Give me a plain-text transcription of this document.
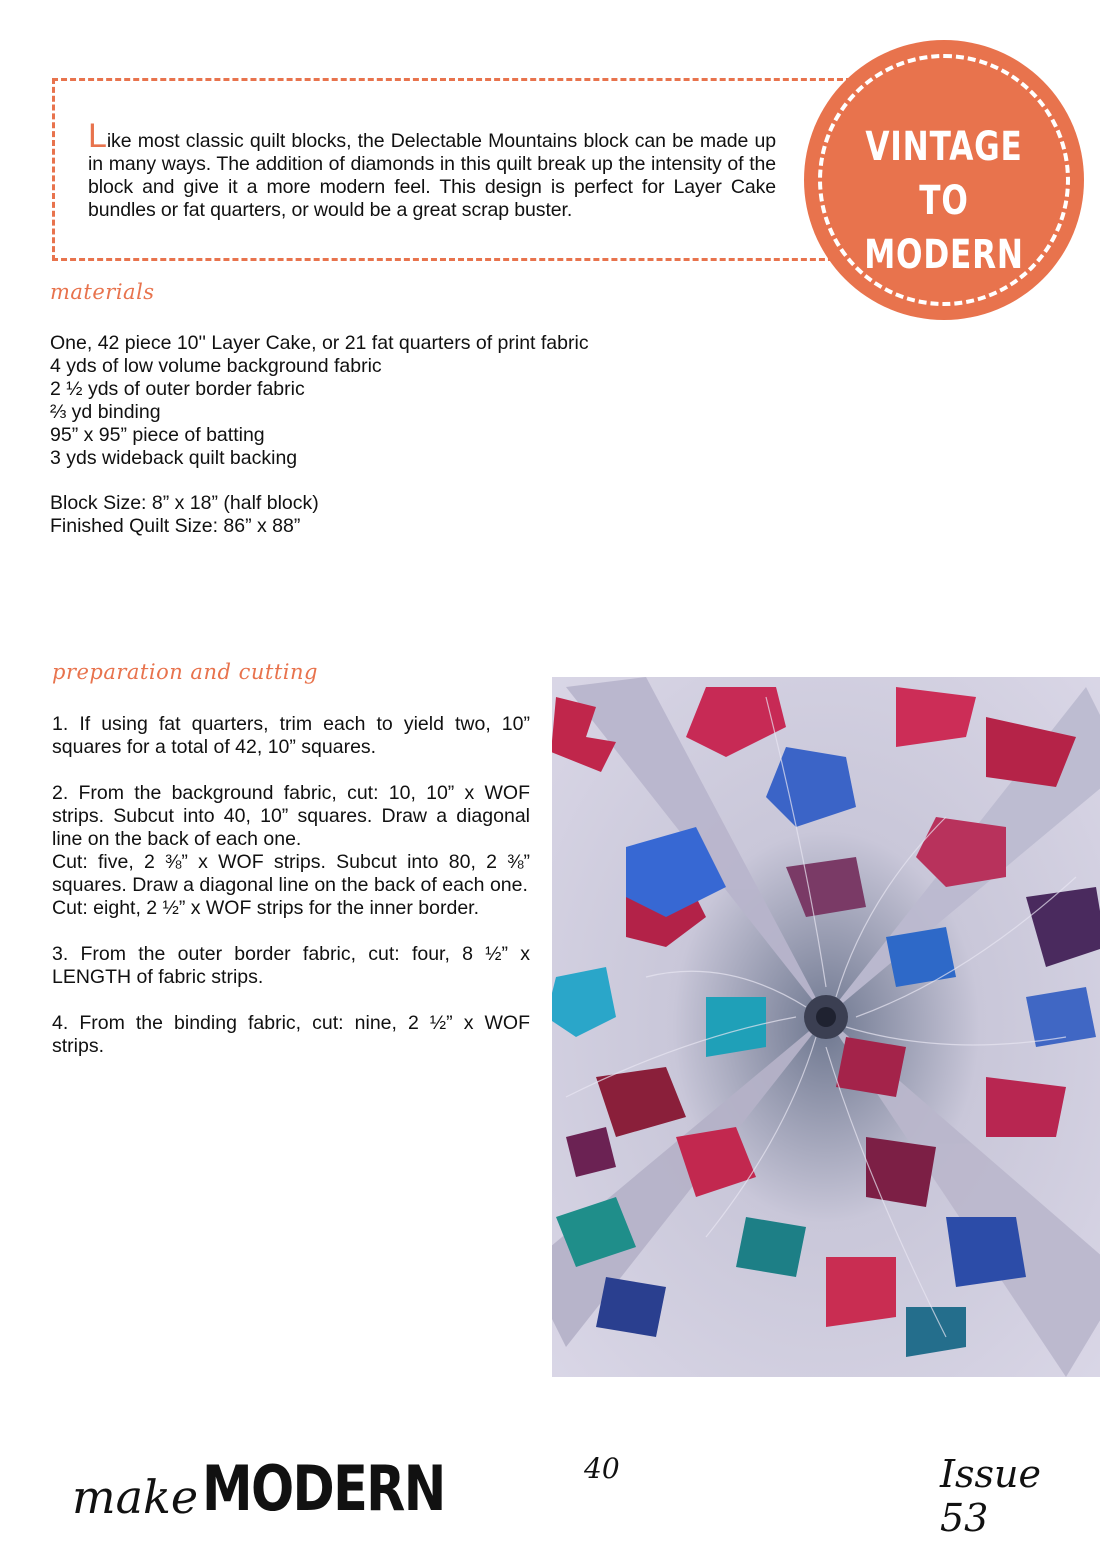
Like most classic quilt blocks, the Delectable Mountains block can be made up in many ways. The addition of diamonds in this quilt break up the intensity of the block and give it a more modern feel. This design is perfect for Layer Cake bundles or fat quarters, or would be a great scrap buster.
VINTAGE
TO MODERN
materials
One, 42 piece 10'' Layer Cake, or 21 fat quarters of print fabric
4 yds of low volume background fabric
2 ½ yds of outer border fabric
⅔ yd binding
95” x 95” piece of batting
3 yds wideback quilt backing
Block Size: 8” x 18” (half block)
Finished Quilt Size: 86” x 88”
preparation and cutting

1. If using fat quarters, trim each to yield two, 10” squares for a total of 42, 10” squares.

2. From the background fabric, cut: 10, 10” x WOF strips. Subcut into 40, 10” squares. Draw a diagonal line on the back of each one.
Cut: five, 2 ⅜” x WOF strips. Subcut into 80, 2 ⅜” squares. Draw a diagonal line on the back of each one.
Cut: eight, 2 ½” x WOF strips for the inner border.

3. From the outer border fabric, cut: four, 8 ½” x LENGTH of fabric strips.

4. From the binding fabric, cut: nine, 2 ½” x WOF strips.

make MODERN	40	Issue 53
